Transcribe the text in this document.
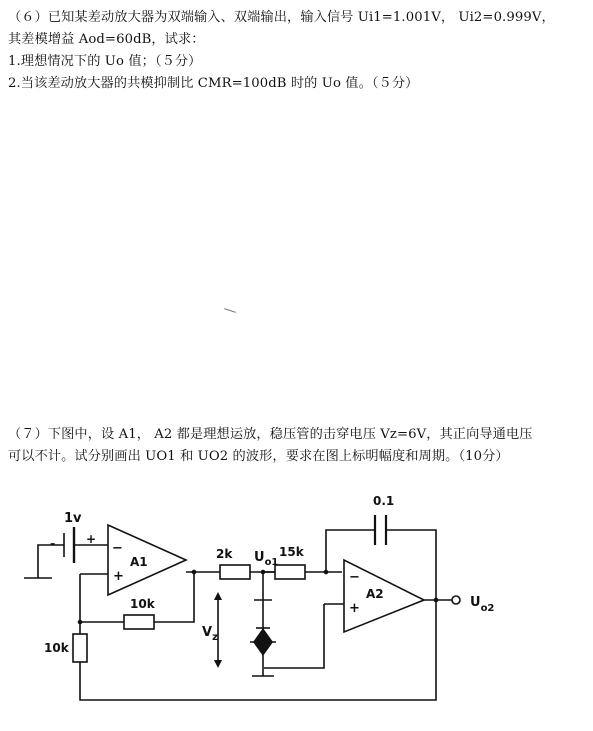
（６）已知某差动放大器为双端输入、双端输出，输入信号 Ui1=1.001V， Ui2=0.999V，
其差模增益 Aod=60dB，试求：
1.理想情况下的 Uo 值；（５分）
2.当该差动放大器的共模抑制比 CMR=100dB 时的 Uo 值。（５分）
（７）下图中，设 A1， A2 都是理想运放，稳压管的击穿电压 Vz=6V，其正向导通电压
可以不计。试分别画出 UO1 和 UO2 的波形，要求在图上标明幅度和周期。（10分）
1v
-	+
−
+
A1
10k
2k $U_{o1}$
15k
0.1
−
+
A2
$U_{o2}$
$V_z$
10k
